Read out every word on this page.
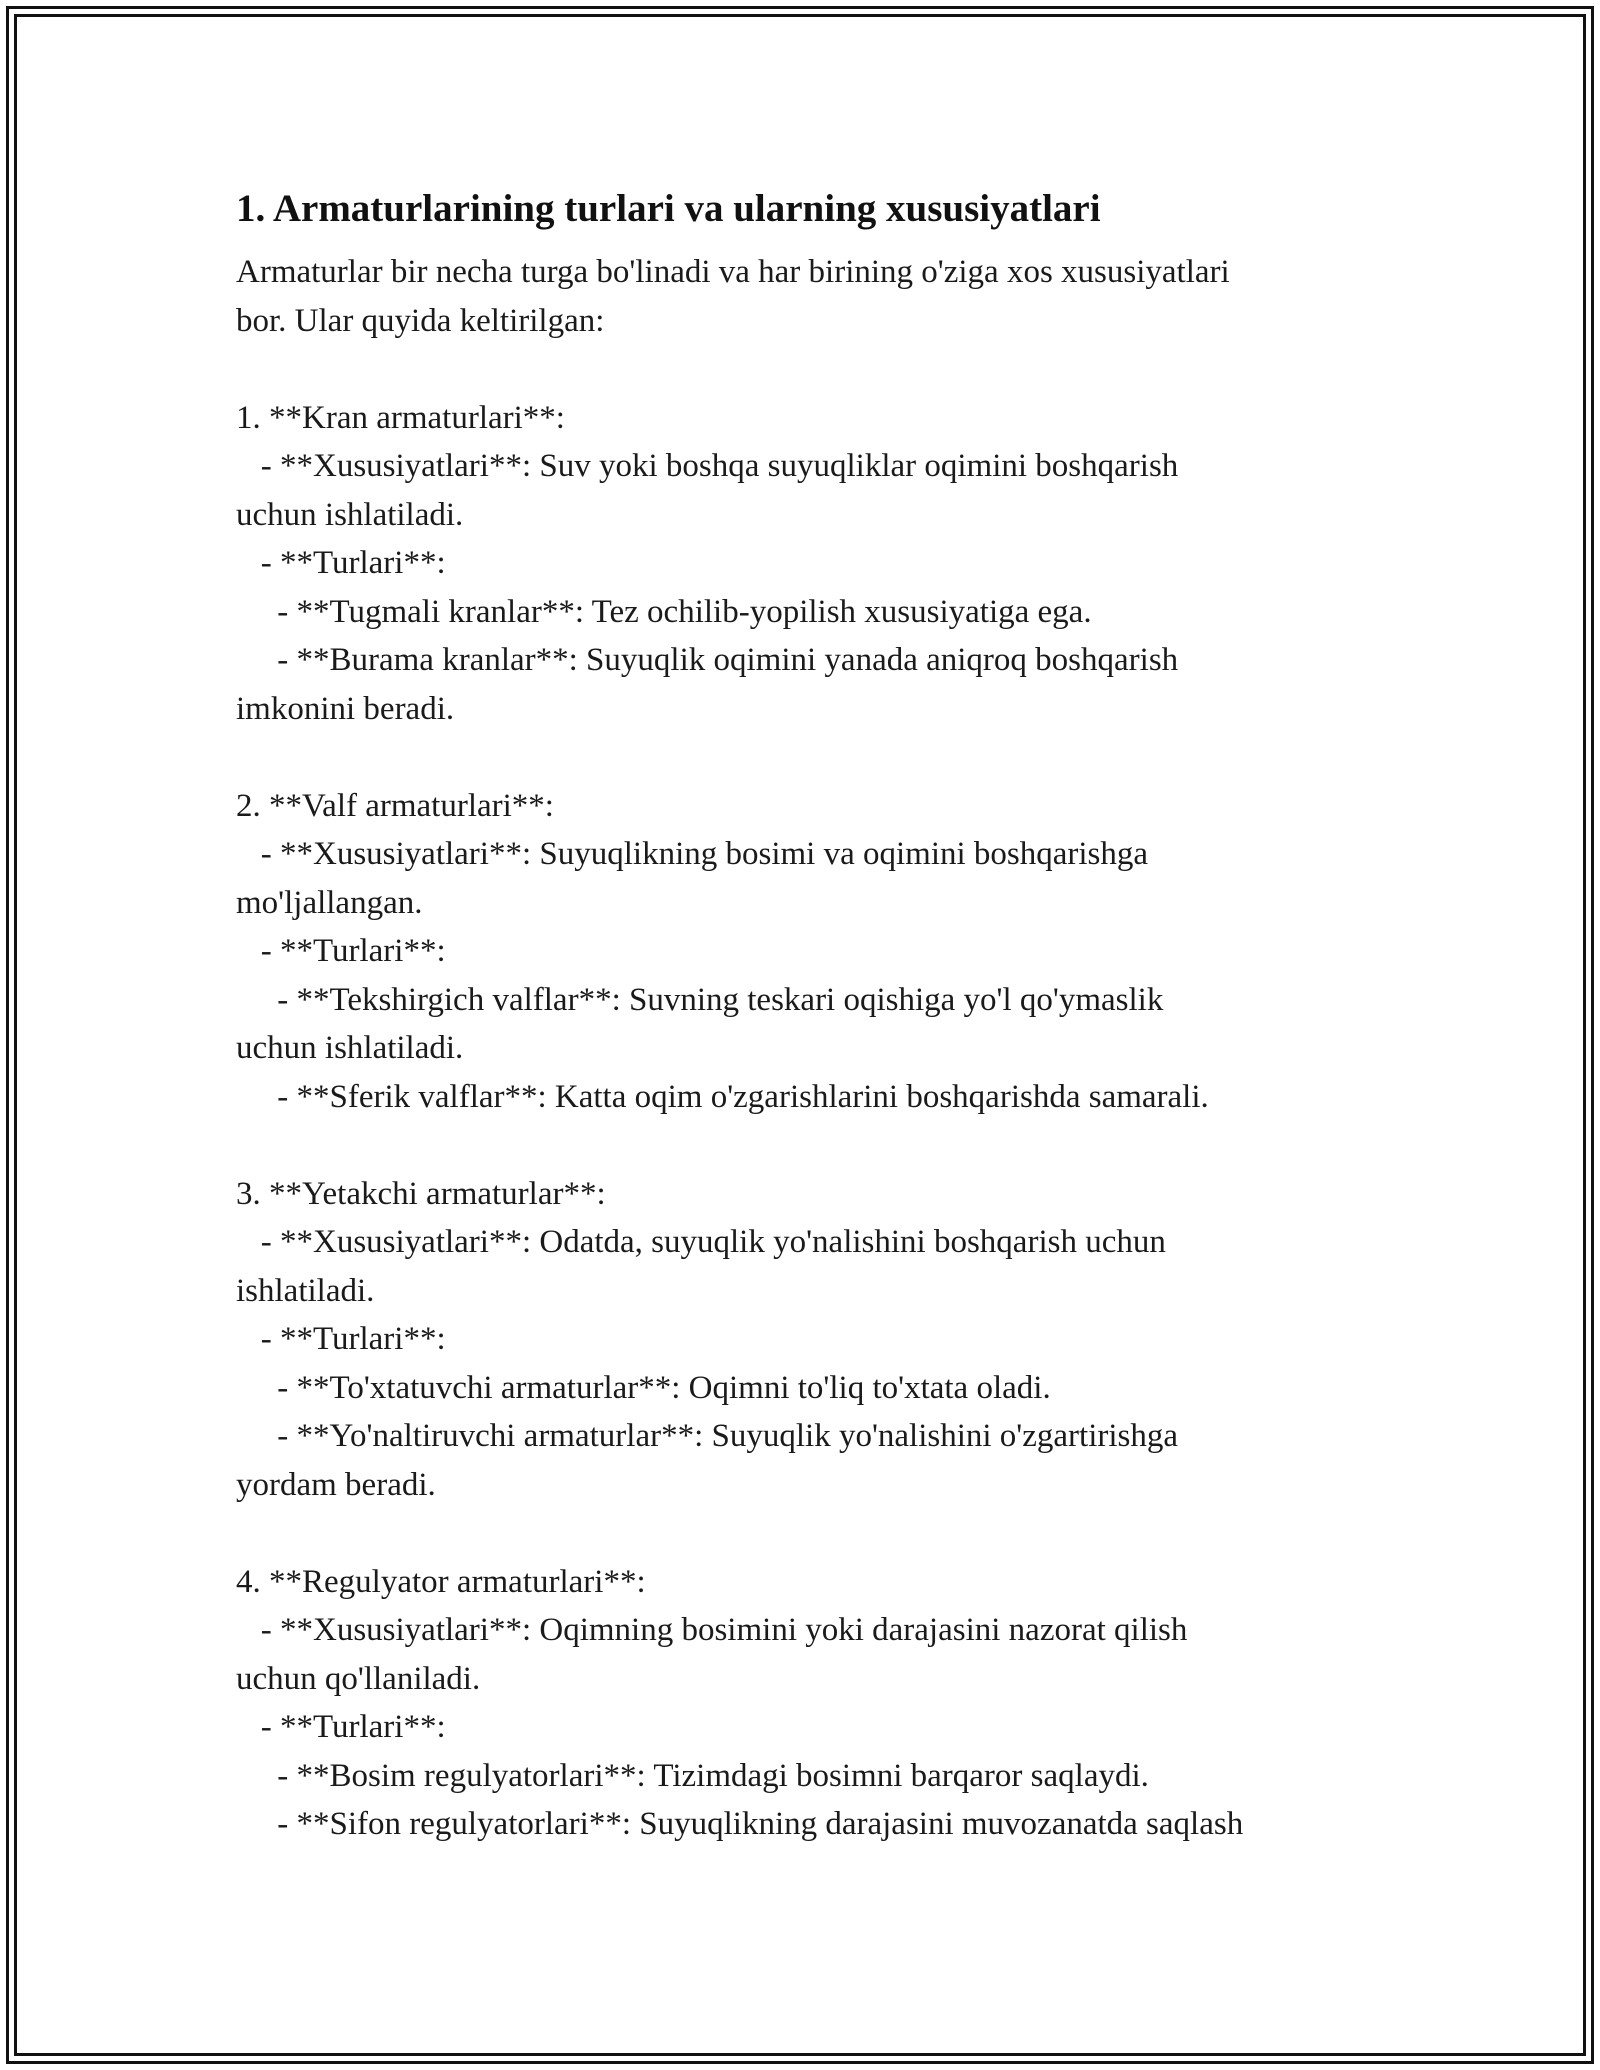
1. Armaturlarining turlari va ularning xususiyatlari

Armaturlar bir necha turga bo'linadi va har birining o'ziga xos xususiyatlari
bor. Ular quyida keltirilgan:

1. **Kran armaturlari**:
- **Xususiyatlari**: Suv yoki boshqa suyuqliklar oqimini boshqarish
uchun ishlatiladi.
- **Turlari**:
- **Tugmali kranlar**: Tez ochilib-yopilish xususiyatiga ega.
- **Burama kranlar**: Suyuqlik oqimini yanada aniqroq boshqarish
imkonini beradi.

2. **Valf armaturlari**:
- **Xususiyatlari**: Suyuqlikning bosimi va oqimini boshqarishga
mo'ljallangan.
- **Turlari**:
- **Tekshirgich valflar**: Suvning teskari oqishiga yo'l qo'ymaslik
uchun ishlatiladi.
- **Sferik valflar**: Katta oqim o'zgarishlarini boshqarishda samarali.

3. **Yetakchi armaturlar**:
- **Xususiyatlari**: Odatda, suyuqlik yo'nalishini boshqarish uchun
ishlatiladi.
- **Turlari**:
- **To'xtatuvchi armaturlar**: Oqimni to'liq to'xtata oladi.
- **Yo'naltiruvchi armaturlar**: Suyuqlik yo'nalishini o'zgartirishga
yordam beradi.

4. **Regulyator armaturlari**:
- **Xususiyatlari**: Oqimning bosimini yoki darajasini nazorat qilish
uchun qo'llaniladi.
- **Turlari**:
- **Bosim regulyatorlari**: Tizimdagi bosimni barqaror saqlaydi.
- **Sifon regulyatorlari**: Suyuqlikning darajasini muvozanatda saqlash
